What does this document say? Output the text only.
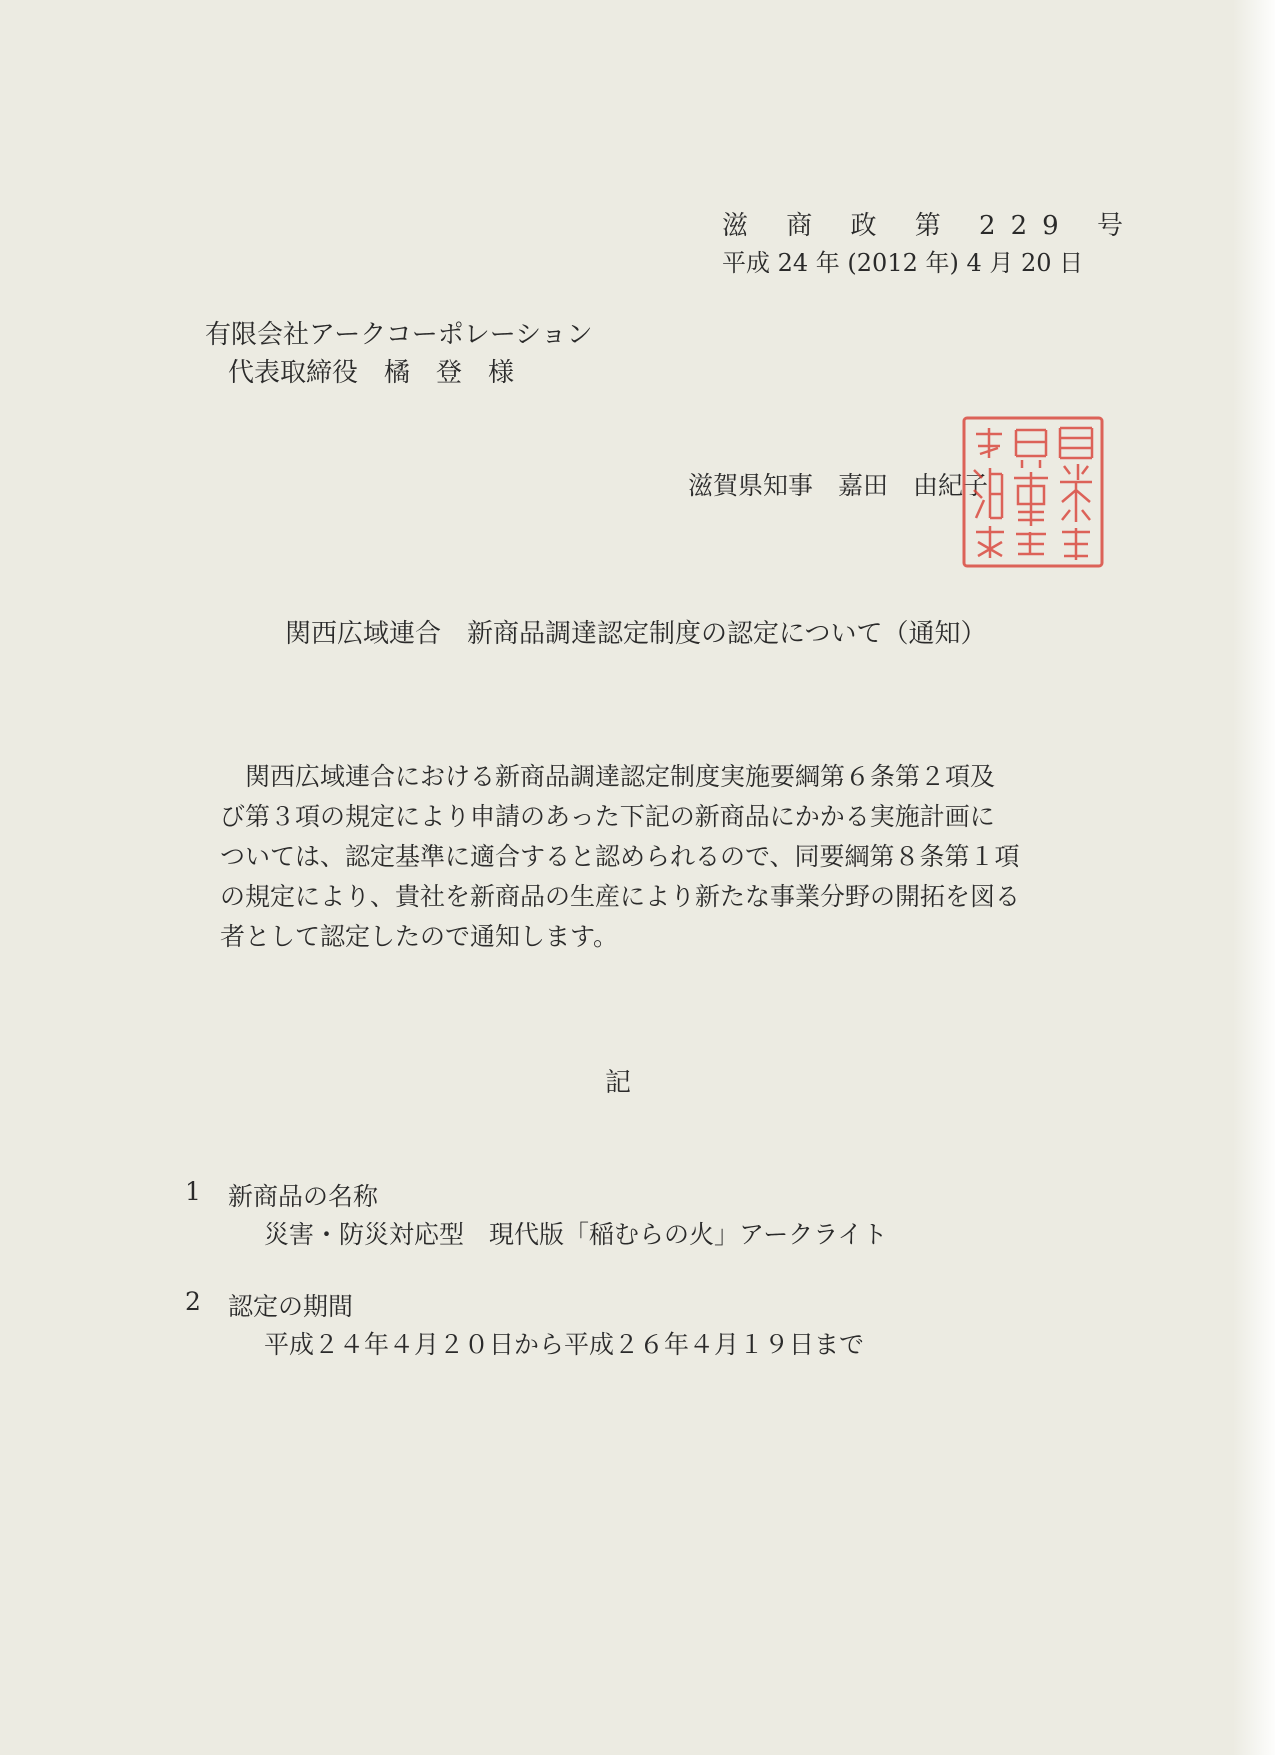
滋 商 政 第 229 号
平成 24 年 (2012 年) 4 月 20 日
有限会社アークコーポレーション
代表取締役　橘　登　様
滋賀県知事　嘉田　由紀子
関西広域連合　新商品調達認定制度の認定について（通知）
　関西広域連合における新商品調達認定制度実施要綱第６条第２項及
び第３項の規定により申請のあった下記の新商品にかかる実施計画に
ついては、認定基準に適合すると認められるので、同要綱第８条第１項
の規定により、貴社を新商品の生産により新たな事業分野の開拓を図る
者として認定したので通知します。
記
1 新商品の名称
災害・防災対応型　現代版「稲むらの火」アークライト
2 認定の期間
平成２４年４月２０日から平成２６年４月１９日まで
